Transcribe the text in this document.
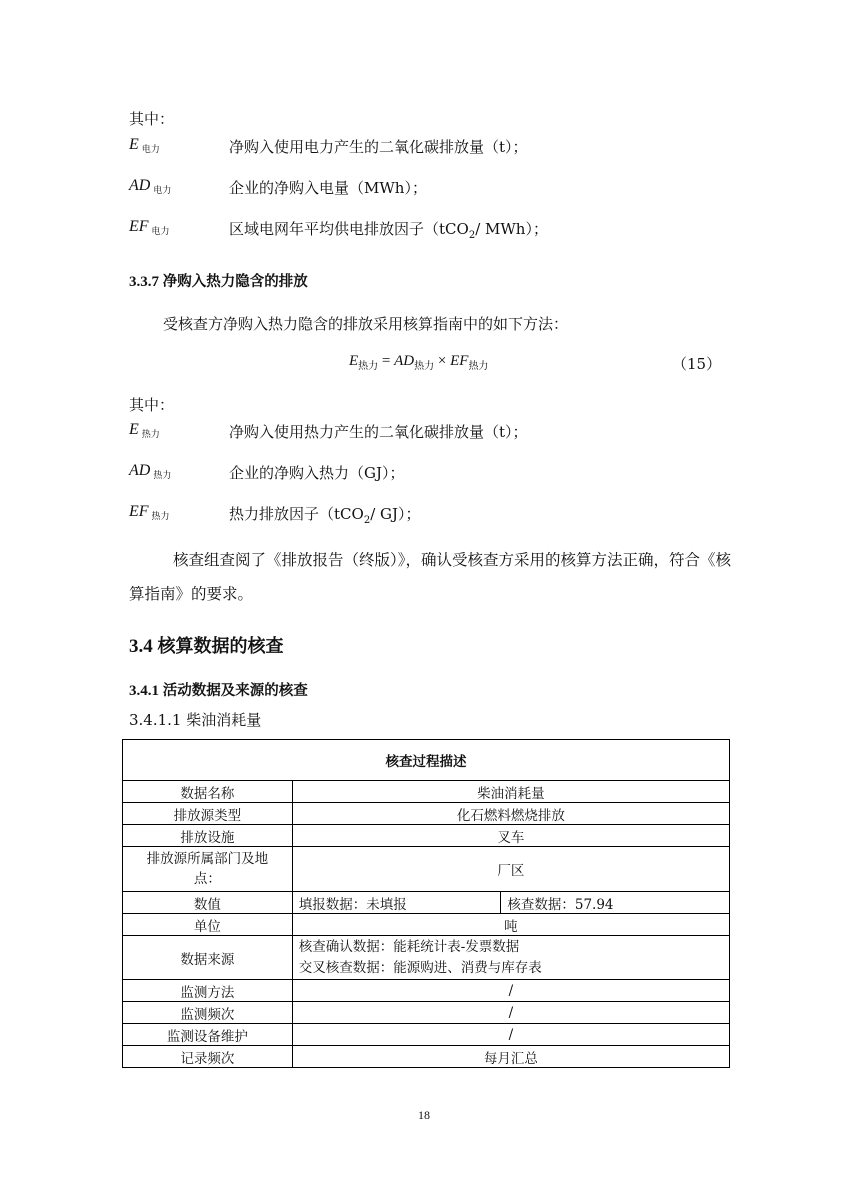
其中：
E电力	净购入使用电力产生的二氧化碳排放量（t）；
AD 电力	企业的净购入电量（MWh）；
EF 电力	区域电网年平均供电排放因子（tCO$_2$/ MWh）；
3.3.7 净购入热力隐含的排放
受核查方净购入热力隐含的排放采用核算指南中的如下方法：
$E_{热力} = AD_{热力} \times EF_{热力}$	（15）
其中：
E热力	净购入使用热力产生的二氧化碳排放量（t）；
AD 热力	企业的净购入热力（GJ）；
EF 热力	热力排放因子（tCO$_2$/ GJ）；
核查组查阅了《排放报告（终版）》，确认受核查方采用的核算方法正确，符合《核算指南》的要求。
3.4 核算数据的核查
3.4.1 活动数据及来源的核查
3.4.1.1 柴油消耗量
核查过程描述		
数据名称	柴油消耗量	
排放源类型	化石燃料燃烧排放	
排放设施	叉车	
排放源所属部门及地点：	厂区	
数值	填报数据：未填报	核查数据：57.94
单位	吨	
数据来源	核查确认数据：能耗统计表-发票数据
交叉核查数据：能源购进、消费与库存表	

监测方法	/	
监测频次	/	
监测设备维护	/	
记录频次	每月汇总	
18
